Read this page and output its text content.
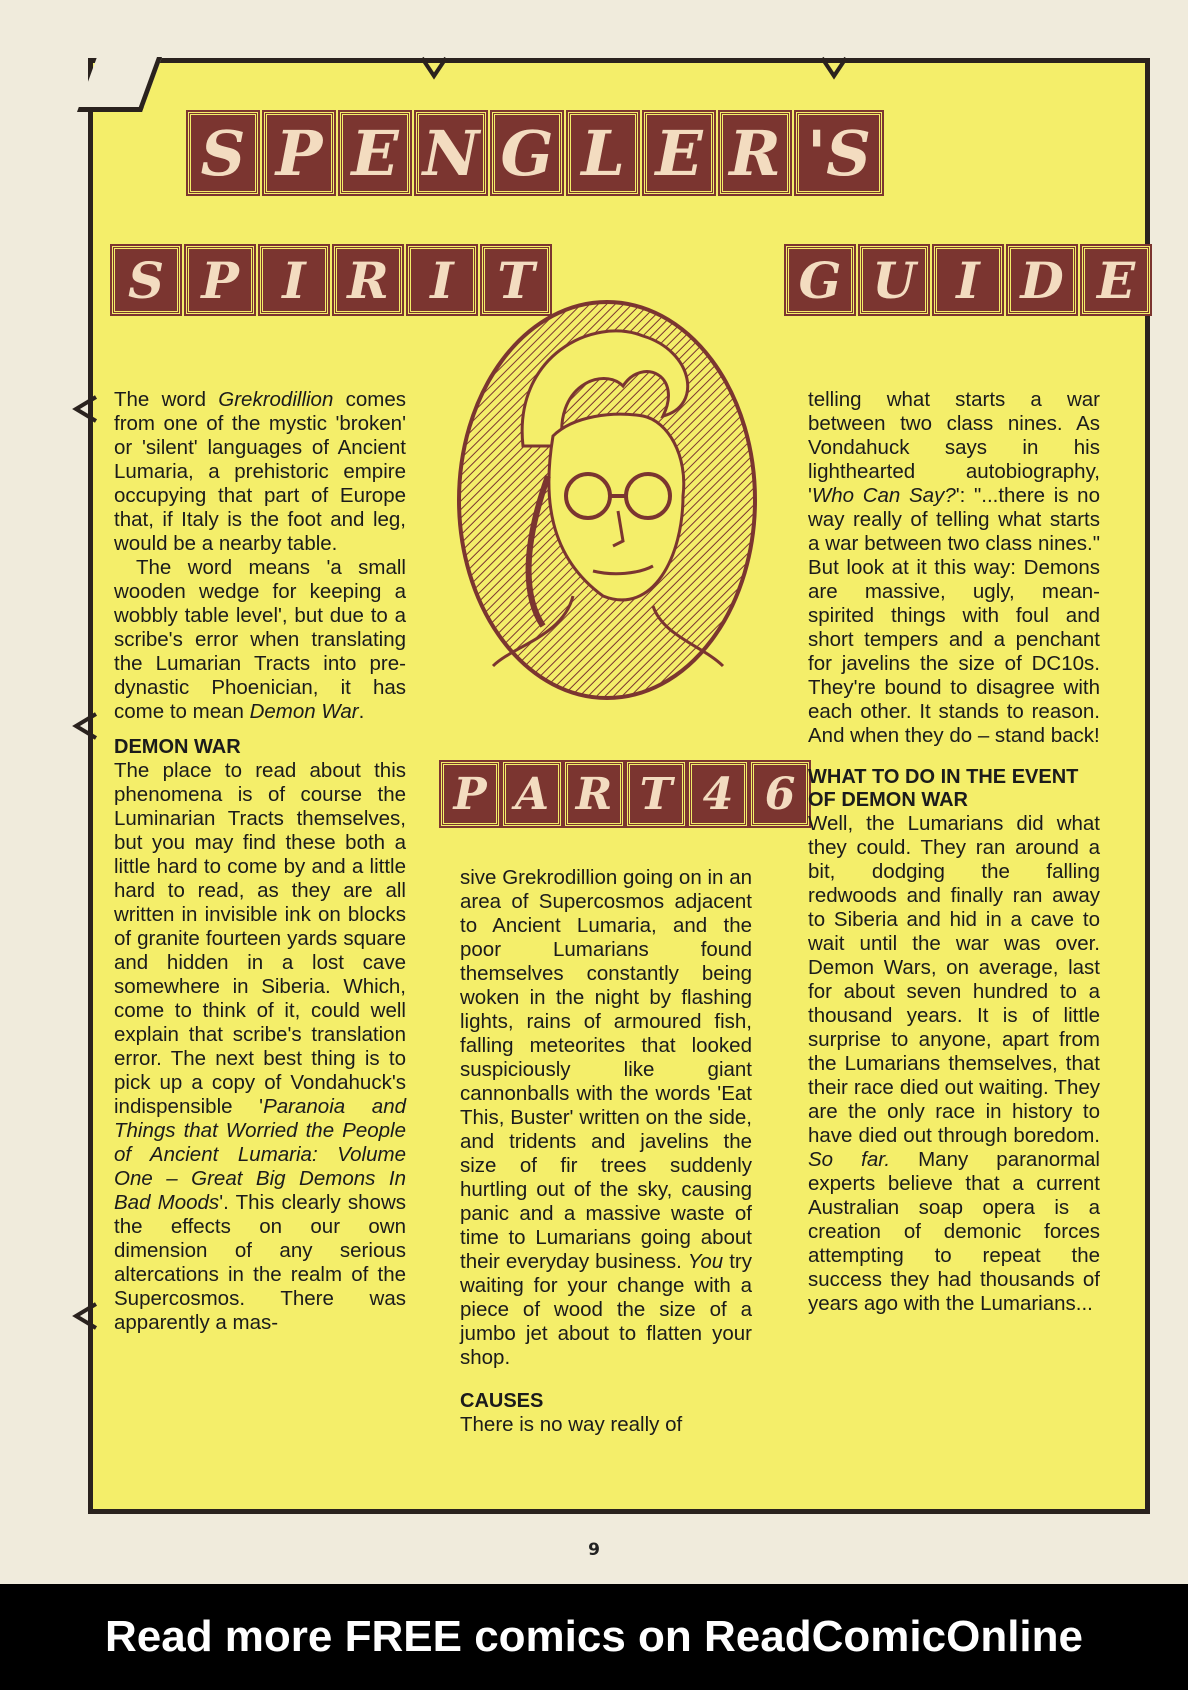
S P E N G L E R 'S
S P I R I T	G U I D E
P A R T 4 6

The word Grekrodillion comes from one of the mystic 'broken' or 'silent' languages of Ancient Lumaria, a prehistoric empire occupying that part of Europe that, if Italy is the foot and leg, would be a nearby table.

The word means 'a small wooden wedge for keeping a wobbly table level', but due to a scribe's error when translating the Lumarian Tracts into pre-dynastic Phoenician, it has come to mean Demon War.

DEMON WAR

The place to read about this phenomena is of course the Luminarian Tracts themselves, but you may find these both a little hard to come by and a little hard to read, as they are all written in invisible ink on blocks of granite fourteen yards square and hidden in a lost cave somewhere in Siberia. Which, come to think of it, could well explain that scribe's translation error. The next best thing is to pick up a copy of Vondahuck's indispensible 'Paranoia and Things that Worried the People of Ancient Lumaria: Volume One – Great Big Demons In Bad Moods'. This clearly shows the effects on our own dimension of any serious altercations in the realm of the Supercosmos. There was apparently a mas-

sive Grekrodillion going on in an area of Supercosmos adjacent to Ancient Lumaria, and the poor Lumarians found themselves constantly being woken in the night by flashing lights, rains of armoured fish, falling meteorites that looked suspiciously like giant cannonballs with the words 'Eat This, Buster' written on the side, and tridents and javelins the size of fir trees suddenly hurtling out of the sky, causing panic and a massive waste of time to Lumarians going about their everyday business. You try waiting for your change with a piece of wood the size of a jumbo jet about to flatten your shop.

CAUSES

There is no way really of

telling what starts a war between two class nines. As Vondahuck says in his lighthearted autobiography, 'Who Can Say?': "...there is no way really of telling what starts a war between two class nines." But look at it this way: Demons are massive, ugly, mean-spirited things with foul and short tempers and a penchant for javelins the size of DC10s. They're bound to disagree with each other. It stands to reason. And when they do – stand back!

WHAT TO DO IN THE EVENT OF DEMON WAR

Well, the Lumarians did what they could. They ran around a bit, dodging the falling redwoods and finally ran away to Siberia and hid in a cave to wait until the war was over. Demon Wars, on average, last for about seven hundred to a thousand years. It is of little surprise to anyone, apart from the Lumarians themselves, that their race died out waiting. They are the only race in history to have died out through boredom. So far. Many paranormal experts believe that a current Australian soap opera is a creation of demonic forces attempting to repeat the success they had thousands of years ago with the Lumarians...

9
Read more FREE comics on ReadComicOnline
